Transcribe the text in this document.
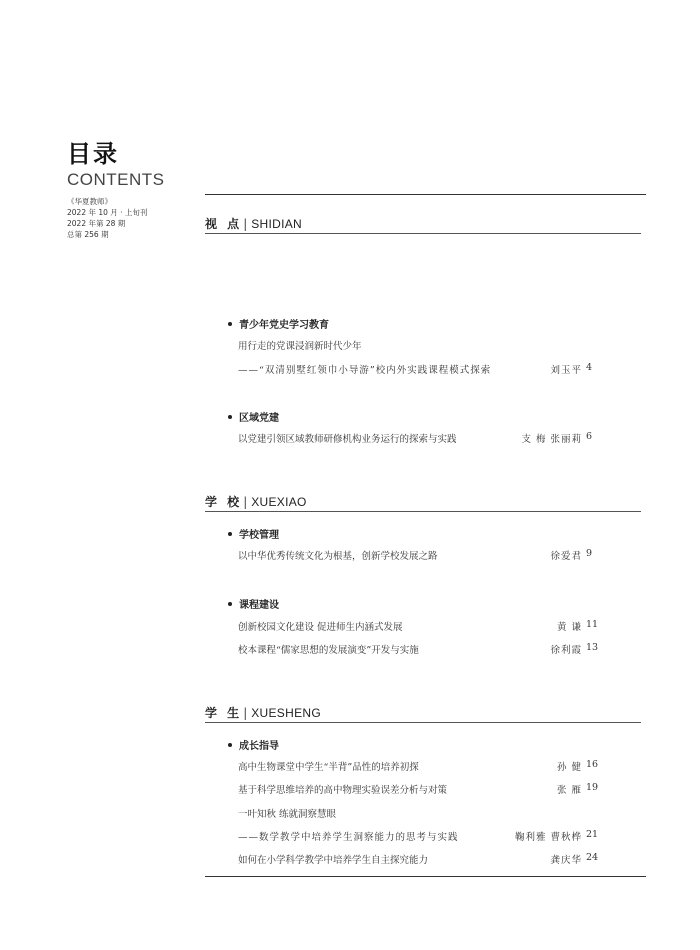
目录
CONTENTS
《华夏教师》
2022 年 10 月 · 上旬刊
2022 年第 28 期
总第 256 期
视 点| SHIDIAN
青少年党史学习教育
用行走的党课浸润新时代少年
——“双清别墅红领巾小导游”校内外实践课程模式探索	刘玉平 4
区域党建
以党建引领区域教师研修机构业务运行的探索与实践	支 梅 张丽莉 6
学 校| XUEXIAO
学校管理
以中华优秀传统文化为根基，创新学校发展之路	徐爱君 9
课程建设
创新校园文化建设 促进师生内涵式发展	黄 谦 11
校本课程“儒家思想的发展演变”开发与实施	徐利霞 13
学 生| XUESHENG
成长指导
高中生物课堂中学生“半背”品性的培养初探	孙 健 16
基于科学思维培养的高中物理实验误差分析与对策	张 雁 19
一叶知秋 练就洞察慧眼
——数学教学中培养学生洞察能力的思考与实践	鞠利雅 曹秋桦 21
如何在小学科学教学中培养学生自主探究能力	龚庆华 24
